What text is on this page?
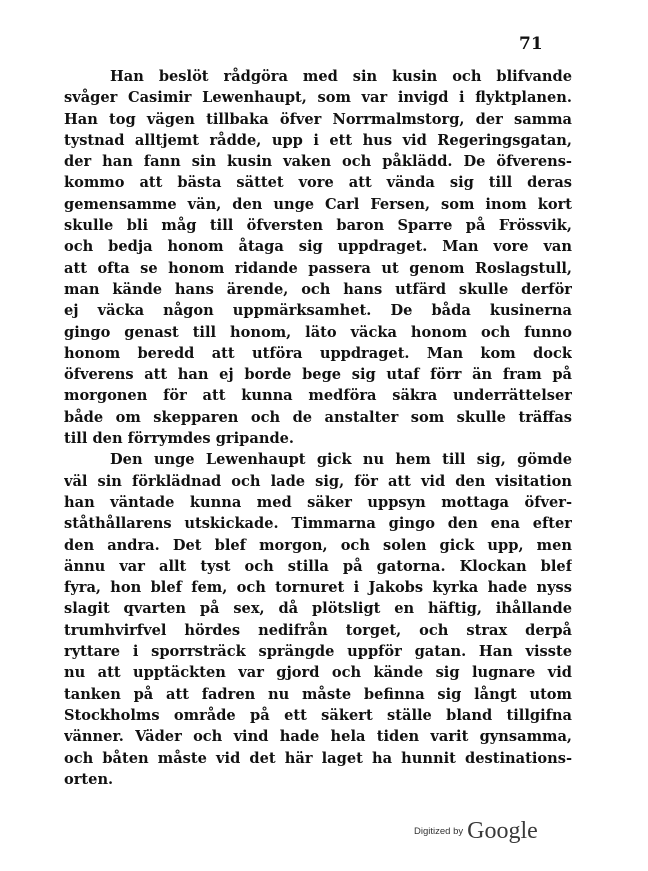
71
Han beslöt rådgöra med sin kusin och blifvande
svåger Casimir Lewenhaupt, som var invigd i flyktplanen.
Han tog vägen tillbaka öfver Norrmalmstorg, der samma
tystnad alltjemt rådde, upp i ett hus vid Regeringsgatan,
der han fann sin kusin vaken och påklädd. De öfverens-
kommo att bästa sättet vore att vända sig till deras
gemensamme vän, den unge Carl Fersen, som inom kort
skulle bli måg till öfversten baron Sparre på Frössvik,
och bedja honom åtaga sig uppdraget. Man vore van
att ofta se honom ridande passera ut genom Roslagstull,
man kände hans ärende, och hans utfärd skulle derför
ej väcka någon uppmärksamhet. De båda kusinerna
gingo genast till honom, läto väcka honom och funno
honom beredd att utföra uppdraget. Man kom dock
öfverens att han ej borde bege sig utaf förr än fram på
morgonen för att kunna medföra säkra underrättelser
både om skepparen och de anstalter som skulle träffas
till den förrymdes gripande.
Den unge Lewenhaupt gick nu hem till sig, gömde
väl sin förklädnad och lade sig, för att vid den visitation
han väntade kunna med säker uppsyn mottaga öfver-
ståthållarens utskickade. Timmarna gingo den ena efter
den andra. Det blef morgon, och solen gick upp, men
ännu var allt tyst och stilla på gatorna. Klockan blef
fyra, hon blef fem, och tornuret i Jakobs kyrka hade nyss
slagit qvarten på sex, då plötsligt en häftig, ihållande
trumhvirfvel hördes nedifrån torget, och strax derpå
ryttare i sporrsträck sprängde uppför gatan. Han visste
nu att upptäckten var gjord och kände sig lugnare vid
tanken på att fadren nu måste befinna sig långt utom
Stockholms område på ett säkert ställe bland tillgifna
vänner. Väder och vind hade hela tiden varit gynsamma,
och båten måste vid det här laget ha hunnit destinations-
orten.
Digitized by Google
